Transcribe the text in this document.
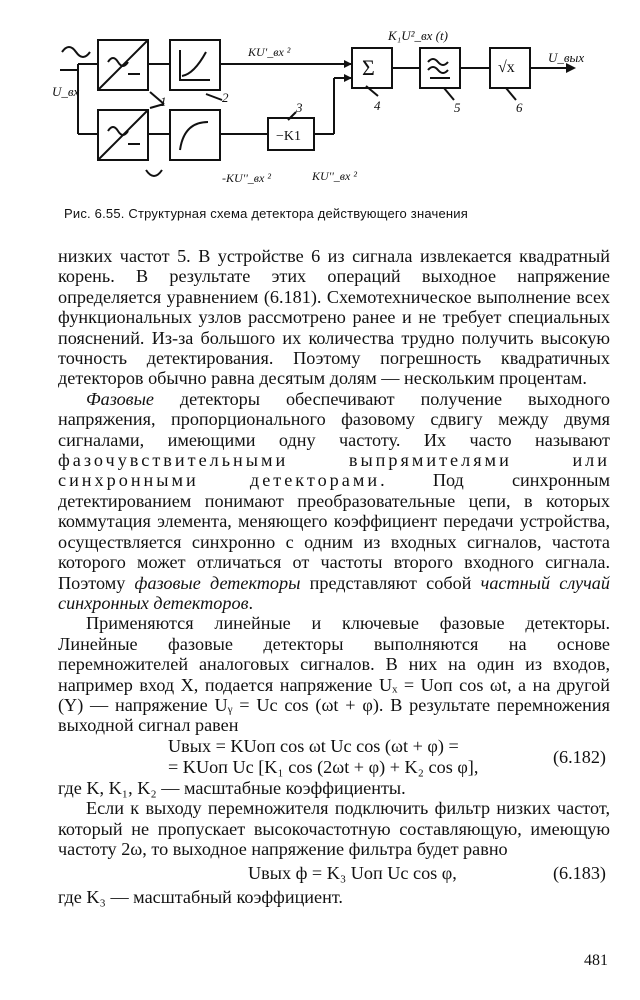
Σ	√x
−K1
U_вх
U_вых
KU'_вх ²
K₁U²_вх (t)
-KU''_вх ²	KU''_вх ²
1	2
3	4	5	6
Рис. 6.55. Структурная схема детектора действующего значения

низких частот 5. В устройстве 6 из сигнала извлекается квадратный корень. В результате этих операций выходное напряжение определяется уравнением (6.181). Схемотехническое выполнение всех функциональных узлов рассмотрено ранее и не требует специальных пояснений. Из-за большого их количества трудно получить высокую точность детектирования. Поэтому погрешность квадратичных детекторов обычно равна десятым долям — нескольким процентам.

Фазовые детекторы обеспечивают получение выходного напряжения, пропорционального фазовому сдвигу между двумя сигналами, имеющими одну частоту. Их часто называют фазочувствительными выпрямителями или синхронными детекторами. Под синхронным детектированием понимают преобразовательные цепи, в которых коммутация элемента, меняющего коэффициент передачи устройства, осуществляется синхронно с одним из входных сигналов, частота которого может отличаться от частоты второго входного сигнала. Поэтому фазовые детекторы представляют собой частный случай синхронных детекторов.

Применяются линейные и ключевые фазовые детекторы. Линейные фазовые детекторы выполняются на основе перемножителей аналоговых сигналов. В них на один из входов, например вход X, подается напряжение Uₓ = Uоп cos ωt, а на другой (Y) — напряжение Uᵧ = Uс cos (ωt + φ). В результате перемножения выходной сигнал равен

Uвых = KUоп cos ωt Uс cos (ωt + φ) =
= KUоп Uс [K₁ cos (2ωt + φ) + K₂ cos φ],	(6.182)

где K, K₁, K₂ — масштабные коэффициенты.

Если к выходу перемножителя подключить фильтр низких частот, который не пропускает высокочастотную составляющую, имеющую частоту 2ω, то выходное напряжение фильтра будет равно

Uвых ф = K₃ Uоп Uс cos φ,	(6.183)

где K₃ — масштабный коэффициент.

481
